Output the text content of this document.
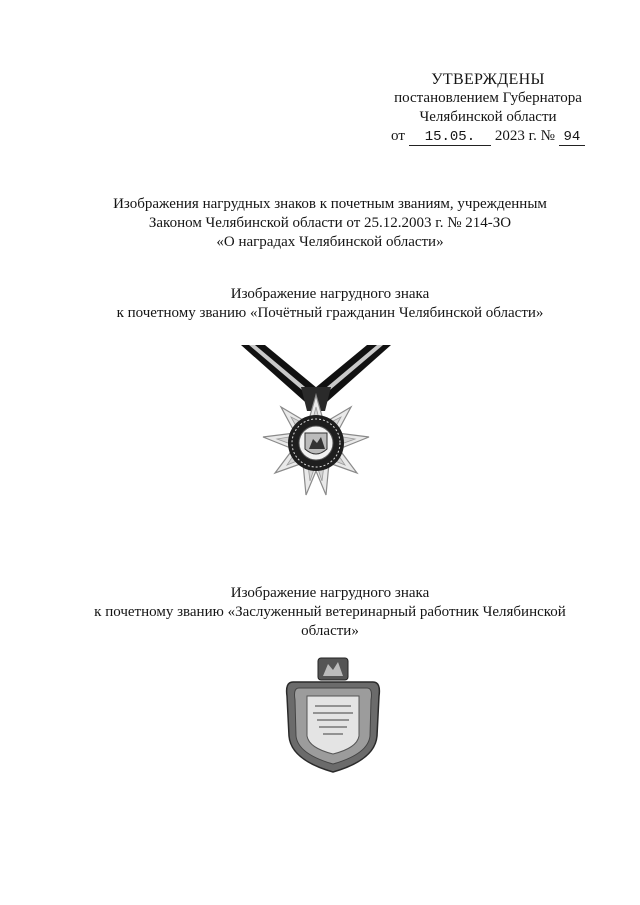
УТВЕРЖДЕНЫ
постановлением Губернатора
Челябинской области
от	15.05.	2023 г. № 94
Изображения нагрудных знаков к почетным званиям, учрежденным
Законом Челябинской области от 25.12.2003 г. № 214-ЗО
«О наградах Челябинской области»
Изображение нагрудного знака
к почетному званию «Почётный гражданин Челябинской области»
Изображение нагрудного знака
к почетному званию «Заслуженный ветеринарный работник Челябинской
области»
